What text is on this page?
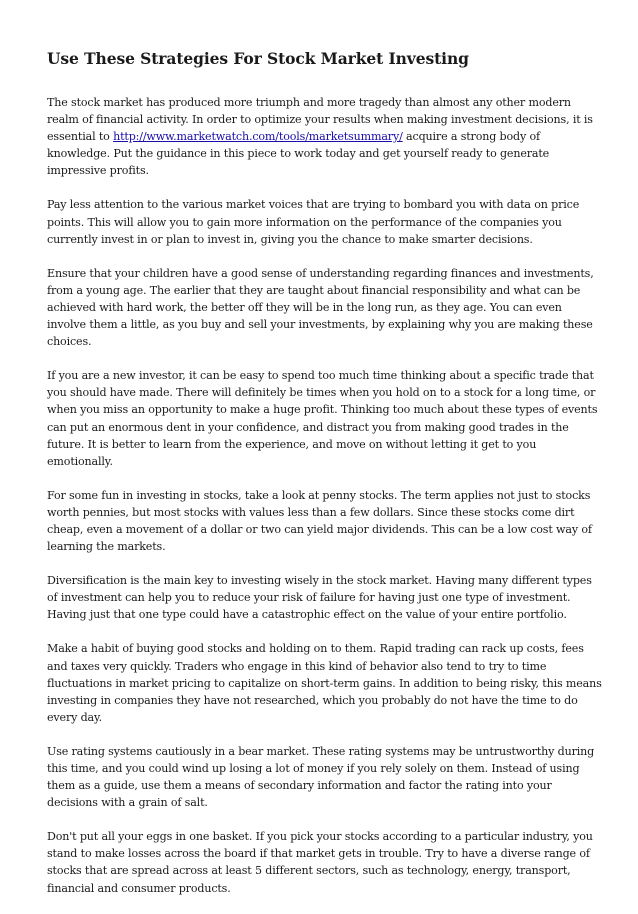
Use These Strategies For Stock Market Investing

The stock market has produced more triumph and more tragedy than almost any other modern
realm of financial activity. In order to optimize your results when making investment decisions, it is
essential to http://www.marketwatch.com/tools/marketsummary/ acquire a strong body of
knowledge. Put the guidance in this piece to work today and get yourself ready to generate
impressive profits.

Pay less attention to the various market voices that are trying to bombard you with data on price
points. This will allow you to gain more information on the performance of the companies you
currently invest in or plan to invest in, giving you the chance to make smarter decisions.

Ensure that your children have a good sense of understanding regarding finances and investments,
from a young age. The earlier that they are taught about financial responsibility and what can be
achieved with hard work, the better off they will be in the long run, as they age. You can even
involve them a little, as you buy and sell your investments, by explaining why you are making these
choices.

If you are a new investor, it can be easy to spend too much time thinking about a specific trade that
you should have made. There will definitely be times when you hold on to a stock for a long time, or
when you miss an opportunity to make a huge profit. Thinking too much about these types of events
can put an enormous dent in your confidence, and distract you from making good trades in the
future. It is better to learn from the experience, and move on without letting it get to you
emotionally.

For some fun in investing in stocks, take a look at penny stocks. The term applies not just to stocks
worth pennies, but most stocks with values less than a few dollars. Since these stocks come dirt
cheap, even a movement of a dollar or two can yield major dividends. This can be a low cost way of
learning the markets.

Diversification is the main key to investing wisely in the stock market. Having many different types
of investment can help you to reduce your risk of failure for having just one type of investment.
Having just that one type could have a catastrophic effect on the value of your entire portfolio.

Make a habit of buying good stocks and holding on to them. Rapid trading can rack up costs, fees
and taxes very quickly. Traders who engage in this kind of behavior also tend to try to time
fluctuations in market pricing to capitalize on short-term gains. In addition to being risky, this means
investing in companies they have not researched, which you probably do not have the time to do
every day.

Use rating systems cautiously in a bear market. These rating systems may be untrustworthy during
this time, and you could wind up losing a lot of money if you rely solely on them. Instead of using
them as a guide, use them a means of secondary information and factor the rating into your
decisions with a grain of salt.

Don't put all your eggs in one basket. If you pick your stocks according to a particular industry, you
stand to make losses across the board if that market gets in trouble. Try to have a diverse range of
stocks that are spread across at least 5 different sectors, such as technology, energy, transport,
financial and consumer products.
